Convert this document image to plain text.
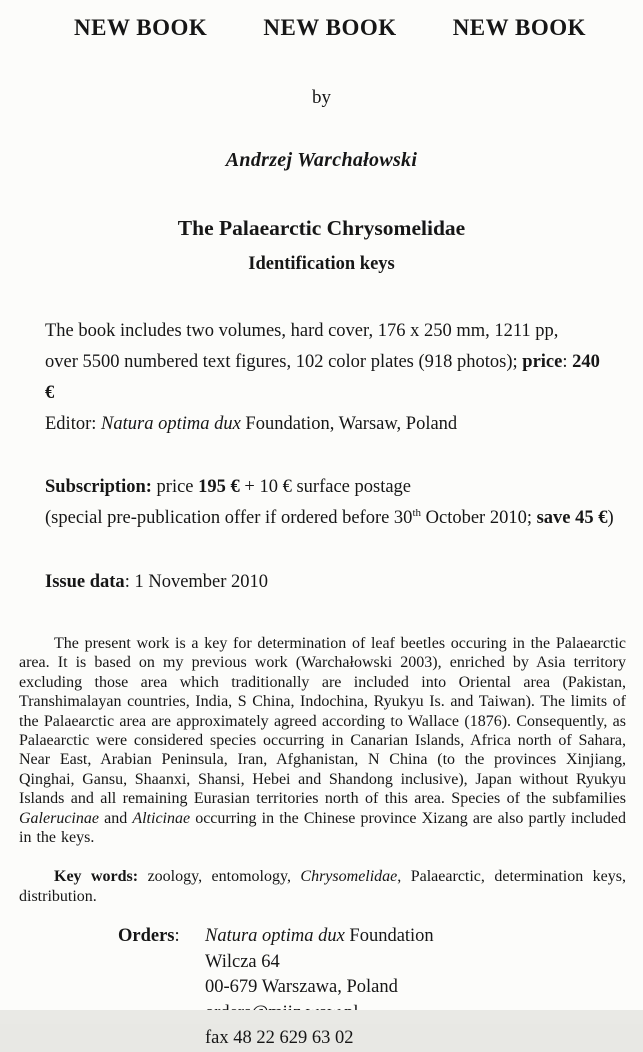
NEW BOOK NEW BOOK NEW BOOK
by
Andrzej Warchałowski
The Palaearctic Chrysomelidae
Identification keys

The book includes two volumes, hard cover, 176 x 250 mm, 1211 pp,

over 5500 numbered text figures, 102 color plates (918 photos); price: 240 €

Editor: Natura optima dux Foundation, Warsaw, Poland

Subscription: price 195 € + 10 € surface postage

(special pre-publication offer if ordered before 30th October 2010; save 45 €)

Issue data: 1 November 2010

The present work is a key for determination of leaf beetles occuring in the Palaearctic area. It is based on my previous work (Warchałowski 2003), enriched by Asia territory excluding those area which traditionally are included into Oriental area (Pakistan, Transhimalayan countries, India, S China, Indochina, Ryukyu Is. and Taiwan). The limits of the Palaearctic area are approximately agreed according to Wallace (1876). Consequently, as Palaearctic were considered species occurring in Canarian Islands, Africa north of Sahara, Near East, Arabian Peninsula, Iran, Afghanistan, N China (to the provinces Xinjiang, Qinghai, Gansu, Shaanxi, Shansi, Hebei and Shandong inclusive), Japan without Ryukyu Islands and all remaining Eurasian territories north of this area. Species of the subfamilies Galerucinae and Alticinae occurring in the Chinese province Xizang are also partly included in the keys.

Key words: zoology, entomology, Chrysomelidae, Palaearctic, determination keys, distribution.

Orders:	Natura optima dux Foundation

Wilcza 64

00-679 Warszawa, Poland

fax 48 22 629 63 02
